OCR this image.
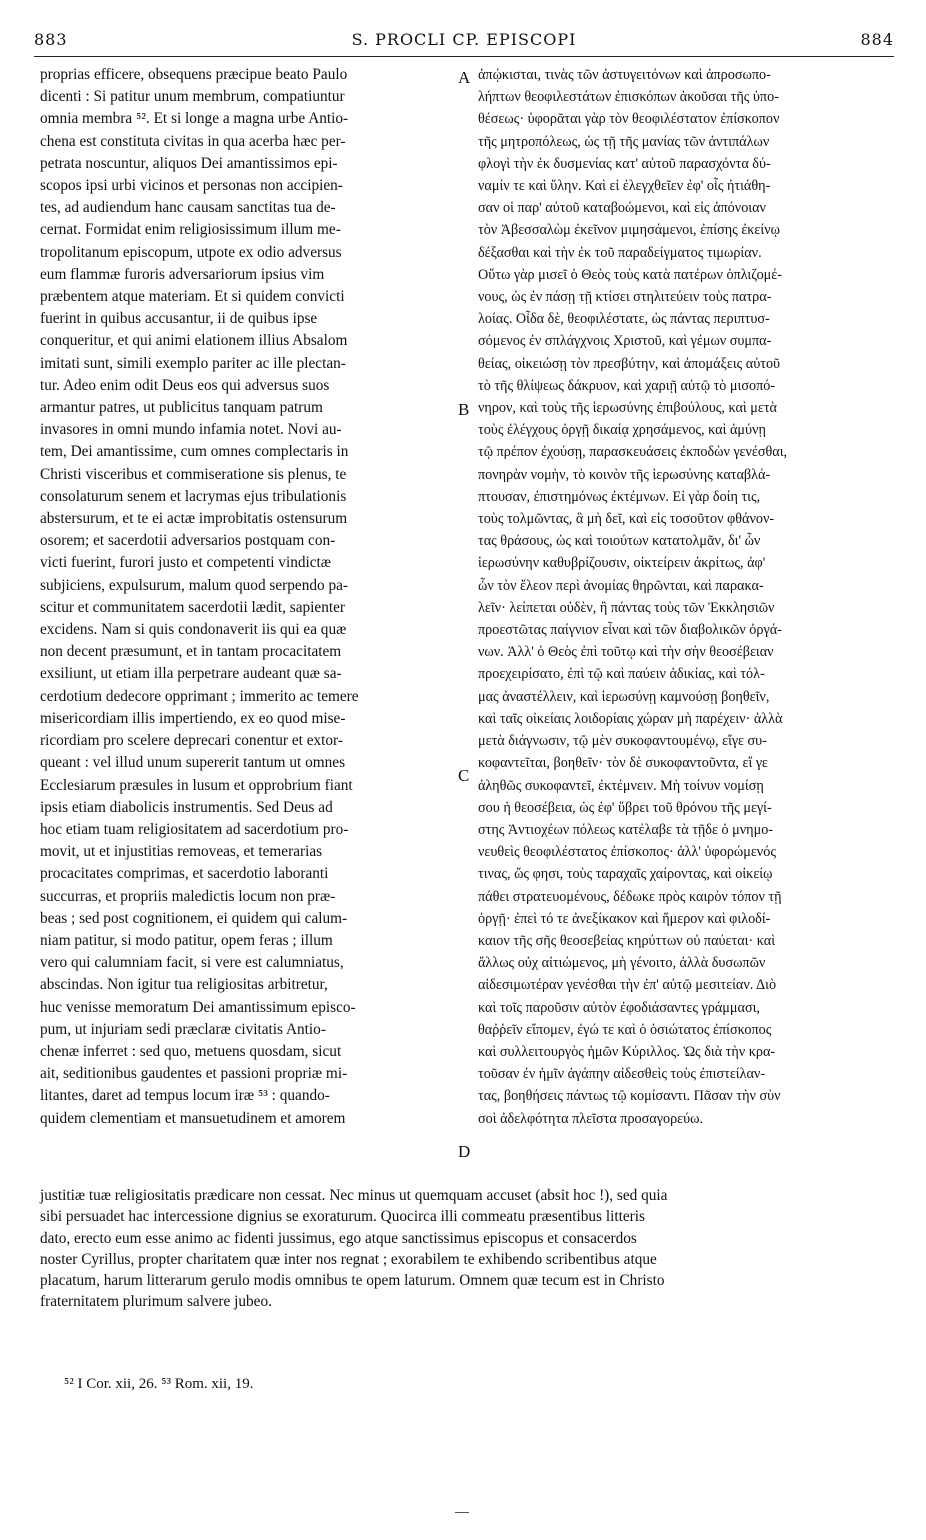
883	S. PROCLI CP. EPISCOPI	884

proprias efficere, obsequens præcipue beato Paulo

dicenti : Si patitur unum membrum, compatiuntur

omnia membra ⁵². Et si longe a magna urbe Antio-

chena est constituta civitas in qua acerba hæc per-

petrata noscuntur, aliquos Dei amantissimos epi-

scopos ipsi urbi vicinos et personas non accipien-

tes, ad audiendum hanc causam sanctitas tua de-

cernat. Formidat enim religiosissimum illum me-

tropolitanum episcopum, utpote ex odio adversus

eum flammæ furoris adversariorum ipsius vim

præbentem atque materiam. Et si quidem convicti

fuerint in quibus accusantur, ii de quibus ipse

conqueritur, et qui animi elationem illius Absalom

imitati sunt, simili exemplo pariter ac ille plectan-

tur. Adeo enim odit Deus eos qui adversus suos

armantur patres, ut publicitus tanquam patrum

invasores in omni mundo infamia notet. Novi au-

tem, Dei amantissime, cum omnes complectaris in

Christi visceribus et commiseratione sis plenus, te

consolaturum senem et lacrymas ejus tribulationis

abstersurum, et te ei actæ improbitatis ostensurum

osorem; et sacerdotii adversarios postquam con-

victi fuerint, furori justo et competenti vindictæ

subjiciens, expulsurum, malum quod serpendo pa-

scitur et communitatem sacerdotii lædit, sapienter

excidens. Nam si quis condonaverit iis qui ea quæ

non decent præsumunt, et in tantam procacitatem

exsiliunt, ut etiam illa perpetrare audeant quæ sa-

cerdotium dedecore opprimant ; immerito ac temere

misericordiam illis impertiendo, ex eo quod mise-

ricordiam pro scelere deprecari conentur et extor-

queant : vel illud unum supererit tantum ut omnes

Ecclesiarum præsules in lusum et opprobrium fiant

ipsis etiam diabolicis instrumentis. Sed Deus ad

hoc etiam tuam religiositatem ad sacerdotium pro-

movit, ut et injustitias removeas, et temerarias

procacitates comprimas, et sacerdotio laboranti

succurras, et propriis maledictis locum non præ-

beas ; sed post cognitionem, ei quidem qui calum-

niam patitur, si modo patitur, opem feras ; illum

vero qui calumniam facit, si vere est calumniatus,

abscindas. Non igitur tua religiositas arbitretur,

huc venisse memoratum Dei amantissimum episco-

pum, ut injuriam sedi præclaræ civitatis Antio-

chenæ inferret : sed quo, metuens quosdam, sicut

ait, seditionibus gaudentes et passioni propriæ mi-

litantes, daret ad tempus locum iræ ⁵³ : quando-

quidem clementiam et mansuetudinem et amorem

ἀπῴκισται, τινὰς τῶν ἀστυγειτόνων καὶ ἀπροσωπο-

λήπτων θεοφιλεστάτων ἐπισκόπων ἀκοῦσαι τῆς ὑπο-

θέσεως· ὑφορᾶται γὰρ τὸν θεοφιλέστατον ἐπίσκοπον

τῆς μητροπόλεως, ὡς τῇ τῆς μανίας τῶν ἀντιπάλων

φλογὶ τὴν ἐκ δυσμενίας κατ' αὐτοῦ παρασχόντα δύ-

ναμίν τε καὶ ὕλην. Καὶ εἰ ἐλεγχθεῖεν ἐφ' οἷς ἠτιάθη-

σαν οἱ παρ' αὐτοῦ καταβοώμενοι, καὶ εἰς ἀπόνοιαν

τὸν Ἀβεσσαλὼμ ἐκεῖνον μιμησάμενοι, ἐπίσης ἐκείνῳ

δέξασθαι καὶ τὴν ἐκ τοῦ παραδείγματος τιμωρίαν.

Οὕτω γὰρ μισεῖ ὁ Θεὸς τοὺς κατὰ πατέρων ὁπλιζομέ-

νους, ὡς ἐν πάσῃ τῇ κτίσει στηλιτεύειν τοὺς πατρα-

λοίας. Οἶδα δὲ, θεοφιλέστατε, ὡς πάντας περιπτυσ-

σόμενος ἐν σπλάγχνοις Χριστοῦ, καὶ γέμων συμπα-

θείας, οἰκειώσῃ τὸν πρεσβύτην, καὶ ἀπομάξεις αὐτοῦ

τὸ τῆς θλίψεως δάκρυον, καὶ χαριῇ αὐτῷ τὸ μισοπό-

νηρον, καὶ τοὺς τῆς ἱερωσύνης ἐπιβούλους, καὶ μετὰ

τοὺς ἐλέγχους ὀργῇ δικαίᾳ χρησάμενος, καὶ ἀμύνῃ

τῷ πρέπον ἐχούσῃ, παρασκευάσεις ἐκποδὼν γενέσθαι,

πονηρὰν νομὴν, τὸ κοινὸν τῆς ἱερωσύνης καταβλά-

πτουσαν, ἐπιστημόνως ἐκτέμνων. Εἰ γὰρ δοίη τις,

τοὺς τολμῶντας, ἃ μὴ δεῖ, καὶ εἰς τοσοῦτον φθάνον-

τας θράσους, ὡς καὶ τοιούτων κατατολμᾶν, δι' ὧν

ἱερωσύνην καθυβρίζουσιν, οἰκτείρειν ἀκρίτως, ἀφ'

ὧν τὸν ἔλεον περὶ ἀνομίας θηρῶνται, καὶ παρακα-

λεῖν· λείπεται οὐδὲν, ἢ πάντας τοὺς τῶν Ἐκκλησιῶν

προεστῶτας παίγνιον εἶναι καὶ τῶν διαβολικῶν ὀργά-

νων. Ἀλλ' ὁ Θεὸς ἐπὶ τοῦτῳ καὶ τὴν σὴν θεοσέβειαν

προεχειρίσατο, ἐπὶ τῷ καὶ παύειν ἀδικίας, καὶ τόλ-

μας ἀναστέλλειν, καὶ ἱερωσύνῃ καμνούσῃ βοηθεῖν,

καὶ ταῖς οἰκείαις λοιδορίαις χώραν μὴ παρέχειν· ἀλλὰ

μετὰ διάγνωσιν, τῷ μὲν συκοφαντουμένῳ, εἴγε συ-

κοφαντεῖται, βοηθεῖν· τὸν δὲ συκοφαντοῦντα, εἴ γε

ἀληθῶς συκοφαντεῖ, ἐκτέμνειν. Μὴ τοίνυν νομίσῃ

σου ἡ θεοσέβεια, ὡς ἐφ' ὕβρει τοῦ θρόνου τῆς μεγί-

στης Ἀντιοχέων πόλεως κατέλαβε τὰ τῇδε ὁ μνημο-

νευθεὶς θεοφιλέστατος ἐπίσκοπος· ἀλλ' ὑφορώμενός

τινας, ὥς φησι, τοὺς ταραχαῖς χαίροντας, καὶ οἰκείῳ

πάθει στρατευομένους, δέδωκε πρὸς καιρὸν τόπον τῇ

ὀργῇ· ἐπεὶ τό τε ἀνεξίκακον καὶ ἥμερον καὶ φιλοδί-

καιον τῆς σῆς θεοσεβείας κηρύττων οὐ παύεται· καὶ

ἄλλως οὐχ αἰτιώμενος, μὴ γένοιτο, ἀλλὰ δυσωπῶν

αἰδεσιμωτέραν γενέσθαι τὴν ἐπ' αὐτῷ μεσιτείαν. Διὸ

καὶ τοῖς παροῦσιν αὐτὸν ἐφοδιάσαντες γράμμασι,

θαῤῥεῖν εἴπομεν, ἐγώ τε καὶ ὁ ὁσιώτατος ἐπίσκοπος

καὶ συλλειτουργὸς ἡμῶν Κύριλλος. Ὡς διὰ τὴν κρα-

τοῦσαν ἐν ἡμῖν ἀγάπην αἰδεσθεὶς τοὺς ἐπιστείλαν-

τας, βοηθήσεις πάντως τῷ κομίσαντι. Πᾶσαν τὴν σὺν

σοὶ ἀδελφότητα πλεῖστα προσαγορεύω.

A
B
C
D

justitiæ tuæ religiositatis prædicare non cessat. Nec minus ut quemquam accuset (absit hoc !), sed quia

sibi persuadet hac intercessione dignius se exoraturum. Quocirca illi commeatu præsentibus litteris

dato, erecto eum esse animo ac fidenti jussimus, ego atque sanctissimus episcopus et consacerdos

noster Cyrillus, propter charitatem quæ inter nos regnat ; exorabilem te exhibendo scribentibus atque

placatum, harum litterarum gerulo modis omnibus te opem laturum. Omnem quæ tecum est in Christo

fraternitatem plurimum salvere jubeo.

⁵² I Cor. xii, 26. ⁵³ Rom. xii, 19.
